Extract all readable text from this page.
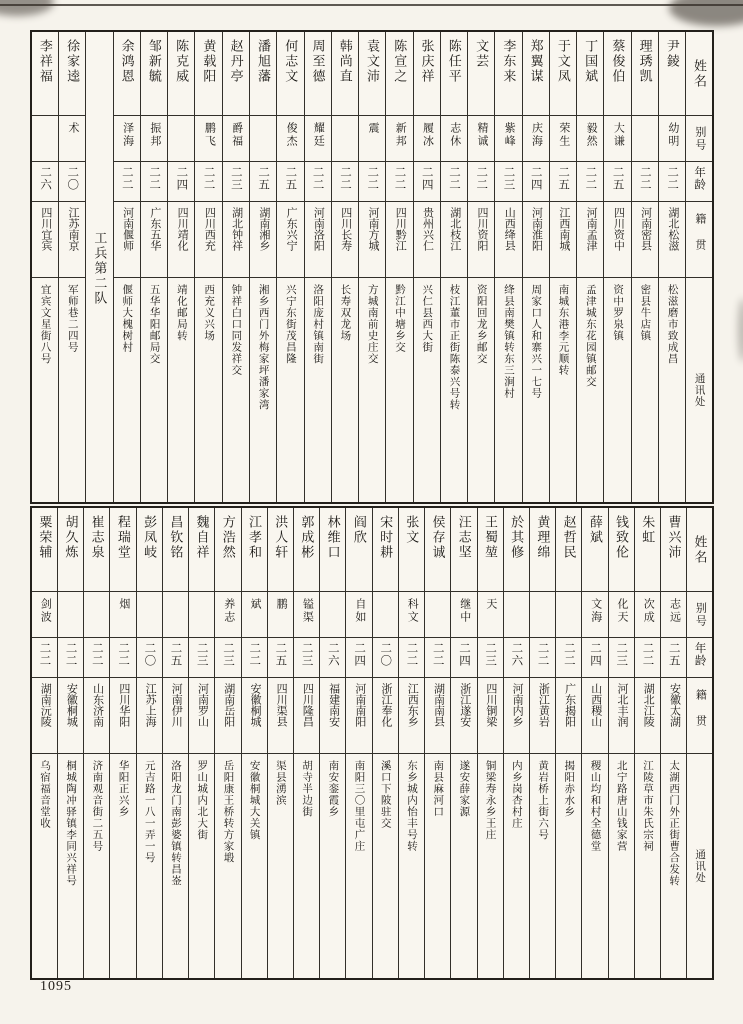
姓名	尹錂	理琇凯	蔡俊伯	丁国斌	于文凤	郑翼谋	李东来	文芸	陈任平	张庆祥	陈宣之	袁文沛	韩尚直	周至德	何志文	潘旭藩	赵丹亭	黄载阳	陈克威	邹新毓	余鸿恩	工兵第二队	徐家逵	李祥福
别号	幼明		大谦	毅然	荣生	庆海	紫峰	精诚	志休	履冰	新邦	震		耀廷	俊杰		爵福	鹏飞		振邦	泽海		术	
年龄	二二	二二	二五	二二	二五	二四	二三	二二	二二	二四	二二	二二	二二	二二	二五	二五	二三	二二	二四	二二	二二		二〇	二六
籍贯	湖北松滋	河南密县	四川资中	河南孟津	江西南城	河南淮阳	山西绛县	四川资阳	湖北枝江	贵州兴仁	四川黔江	河南方城	四川长寿	河南洛阳	广东兴宁	湖南湘乡	湖北钟祥	四川西充	四川靖化	广东五华	河南偃师		江苏南京	四川宜宾
通讯处	松滋磨市致成昌	密县牛店镇	资中罗泉镇	孟津城东花园镇邮交	南城东港李元顺转	周家口人和寨兴一七号	绛县南樊镇转东三涧村	资阳回龙乡邮交	枝江董市正街陈泰兴号转	兴仁县西大街	黔江中塘乡交	方城南前史庄交	长寿双龙场	洛阳庞村镇南街	兴宁东街茂昌隆	湘乡西门外梅家坪潘家湾	钟祥白口同发祥交	西充义兴场	靖化邮局转	五华华阳邮局交	偃师大槐树村		军师巷二四号	宜宾文星街八号
姓名	曹兴沛	朱虹	钱致伦	薛斌	赵哲民	黄理绵	於其修	王蜀堃	汪志坚	侯存诚	张文	宋时耕	阎欣	林维口	郭成彬	洪人轩	江孝和	方浩然	魏自祥	昌钦铭	彭凤岐	程瑞堂	崔志泉	胡久炼	粟荣辅
别号	志远	次成	化天	文海				天	继中		科文		自如		镒渠	鹏	斌	养志				烟			剑波
年龄	二五	二二	二三	二四	二二	二二	二六	二三	二四	二二	二二	二〇	二四	二六	二三	二五	二二	二三	二三	二五	二〇	二二	二二	二二	二二
籍贯	安徽太湖	湖北江陵	河北丰润	山西稷山	广东揭阳	浙江黄岩	河南内乡	四川铜梁	浙江遂安	湖南南县	江西东乡	浙江奉化	河南南阳	福建南安	四川隆昌	四川渠县	安徽桐城	湖南岳阳	河南罗山	河南伊川	江苏上海	四川华阳	山东济南	安徽桐城	湖南沅陵
通讯处	太湖西门外正街曹合发转	江陵草市朱氏宗祠	北宁路唐山钱家营	稷山均和村全德堂	揭阳赤水乡	黄岩桥上街六号	内乡岗杏村庄	铜梁寿永乡王庄	遂安薛家源	南县麻河口	东乡城内怡丰号转	溪口下陂驻交	南阳三〇里屯广庄	南安銮霞乡	胡寺半边街	渠县湧滨	安徽桐城大关镇	岳阳康王桥转方家塅	罗山城内北大街	洛阳龙门南彭婆镇转昌崟	元吉路一八一弄一号	华阳正兴乡	济南观音街二五号	桐城陶冲驿镇李同兴祥号	乌宿福音堂收
1095
